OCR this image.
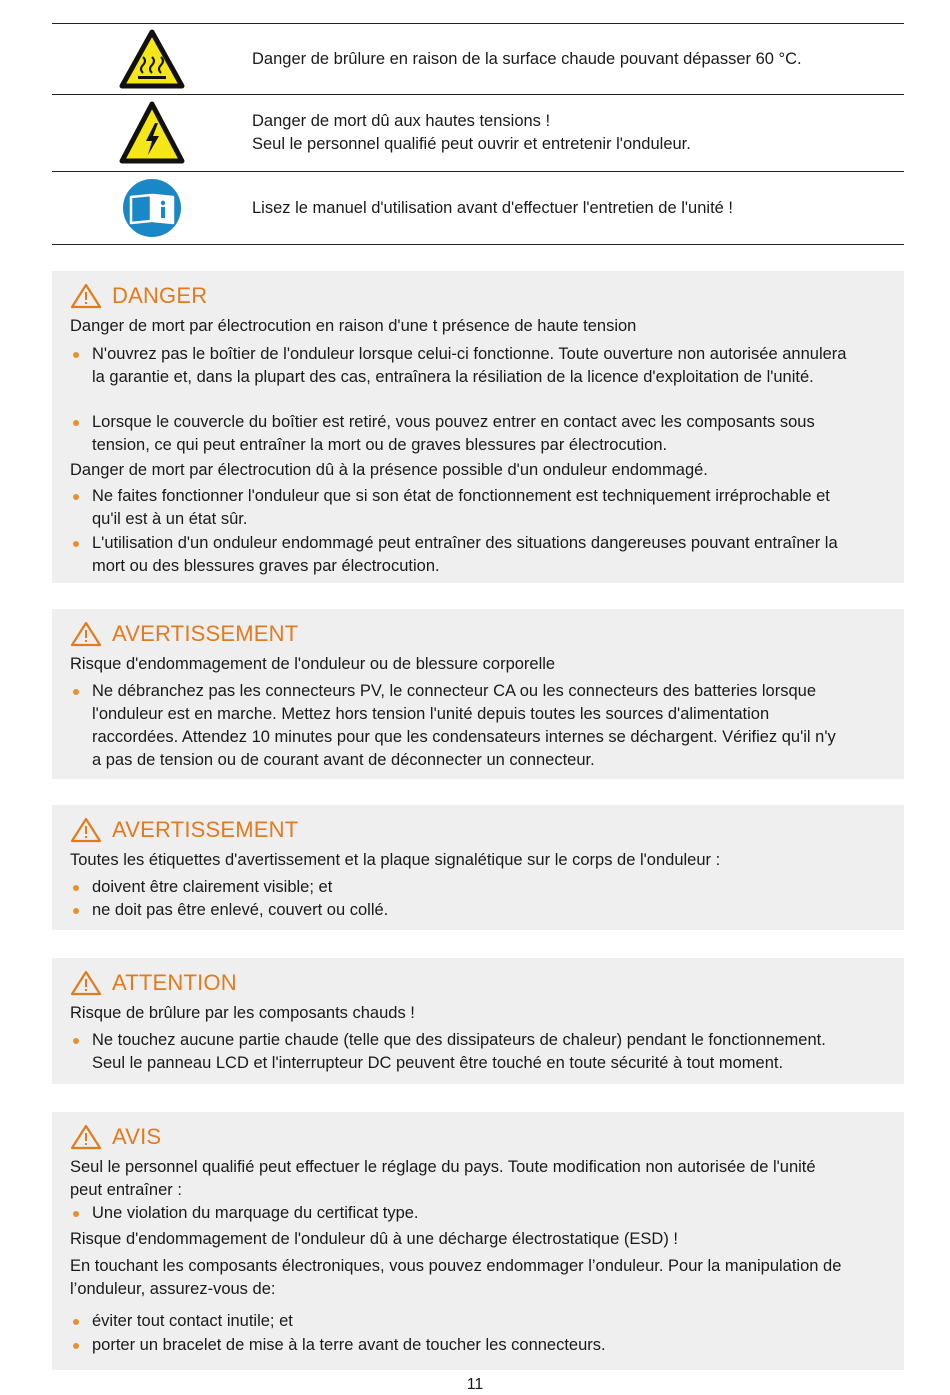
Danger de brûlure en raison de la surface chaude pouvant dépasser 60 °C.
Danger de mort dû aux hautes tensions !
Seul le personnel qualifié peut ouvrir et entretenir l'onduleur.
Lisez le manuel d'utilisation avant d'effectuer l'entretien de l'unité !
DANGER
Danger de mort par électrocution en raison d'une t présence de haute tension
N'ouvrez pas le boîtier de l'onduleur lorsque celui-ci fonctionne. Toute ouverture non autorisée annulera
la garantie et, dans la plupart des cas, entraînera la résiliation de la licence d'exploitation de l'unité.
Lorsque le couvercle du boîtier est retiré, vous pouvez entrer en contact avec les composants sous
tension, ce qui peut entraîner la mort ou de graves blessures par électrocution.
Danger de mort par électrocution dû à la présence possible d'un onduleur endommagé.
Ne faites fonctionner l'onduleur que si son état de fonctionnement est techniquement irréprochable et
qu'il est à un état sûr.
L'utilisation d'un onduleur endommagé peut entraîner des situations dangereuses pouvant entraîner la
mort ou des blessures graves par électrocution.
AVERTISSEMENT
Risque d'endommagement de l'onduleur ou de blessure corporelle
Ne débranchez pas les connecteurs PV, le connecteur CA ou les connecteurs des batteries lorsque
l'onduleur est en marche. Mettez hors tension l'unité depuis toutes les sources d'alimentation
raccordées. Attendez 10 minutes pour que les condensateurs internes se déchargent. Vérifiez qu'il n'y
a pas de tension ou de courant avant de déconnecter un connecteur.
AVERTISSEMENT
Toutes les étiquettes d'avertissement et la plaque signalétique sur le corps de l'onduleur :
doivent être clairement visible; et
ne doit pas être enlevé, couvert ou collé.
ATTENTION
Risque de brûlure par les composants chauds !
Ne touchez aucune partie chaude (telle que des dissipateurs de chaleur) pendant le fonctionnement.
Seul le panneau LCD et l'interrupteur DC peuvent être touché en toute sécurité à tout moment.
AVIS
Seul le personnel qualifié peut effectuer le réglage du pays. Toute modification non autorisée de l'unité
peut entraîner :
Une violation du marquage du certificat type.
Risque d'endommagement de l'onduleur dû à une décharge électrostatique (ESD) !
En touchant les composants électroniques, vous pouvez endommager l’onduleur. Pour la manipulation de
l’onduleur, assurez-vous de:
éviter tout contact inutile; et
porter un bracelet de mise à la terre avant de toucher les connecteurs.
11
